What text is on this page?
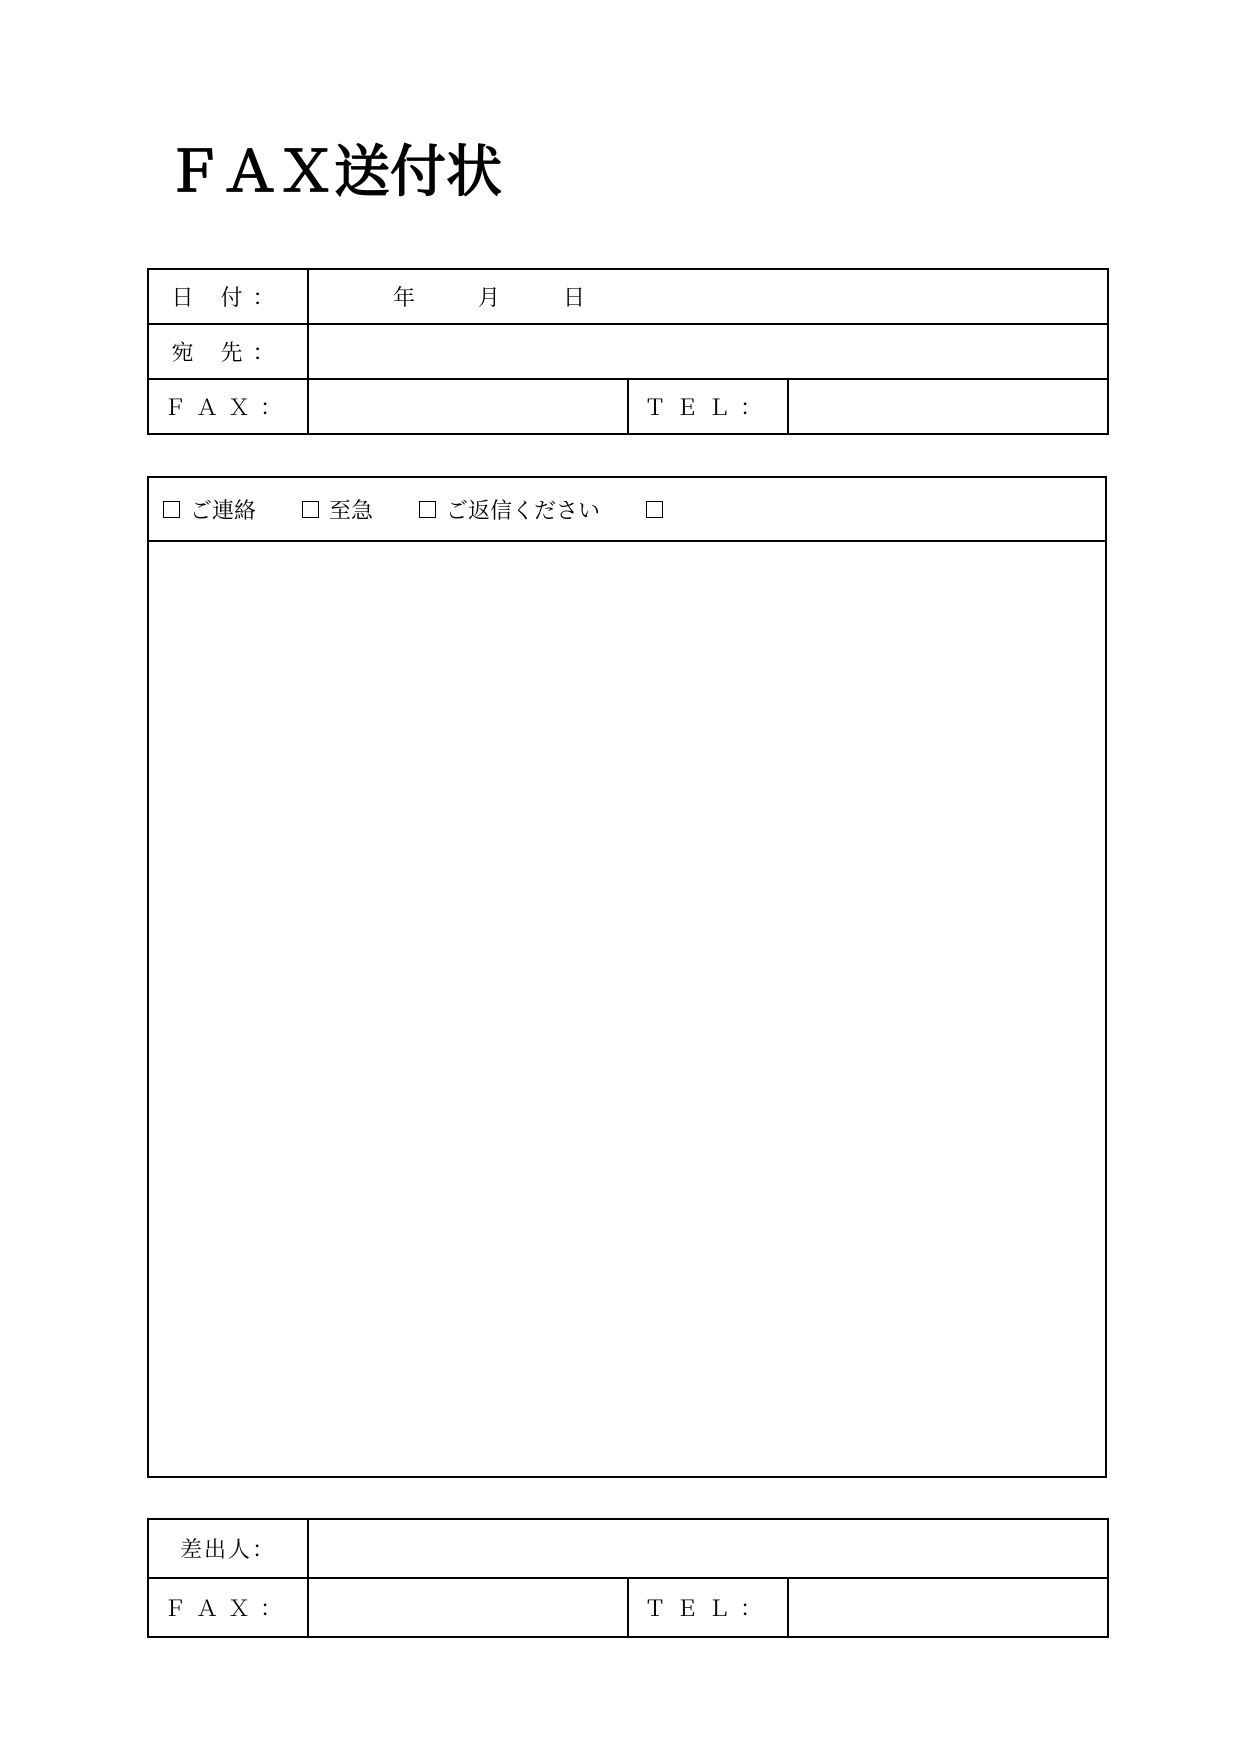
ＦＡＸ送付状
日 付：	年 月 日		
宛 先：			
ＦＡＸ：		ＴＥＬ：	
ご連絡	至急	ご返信ください
差出人：			
ＦＡＸ：		ＴＥＬ：	
